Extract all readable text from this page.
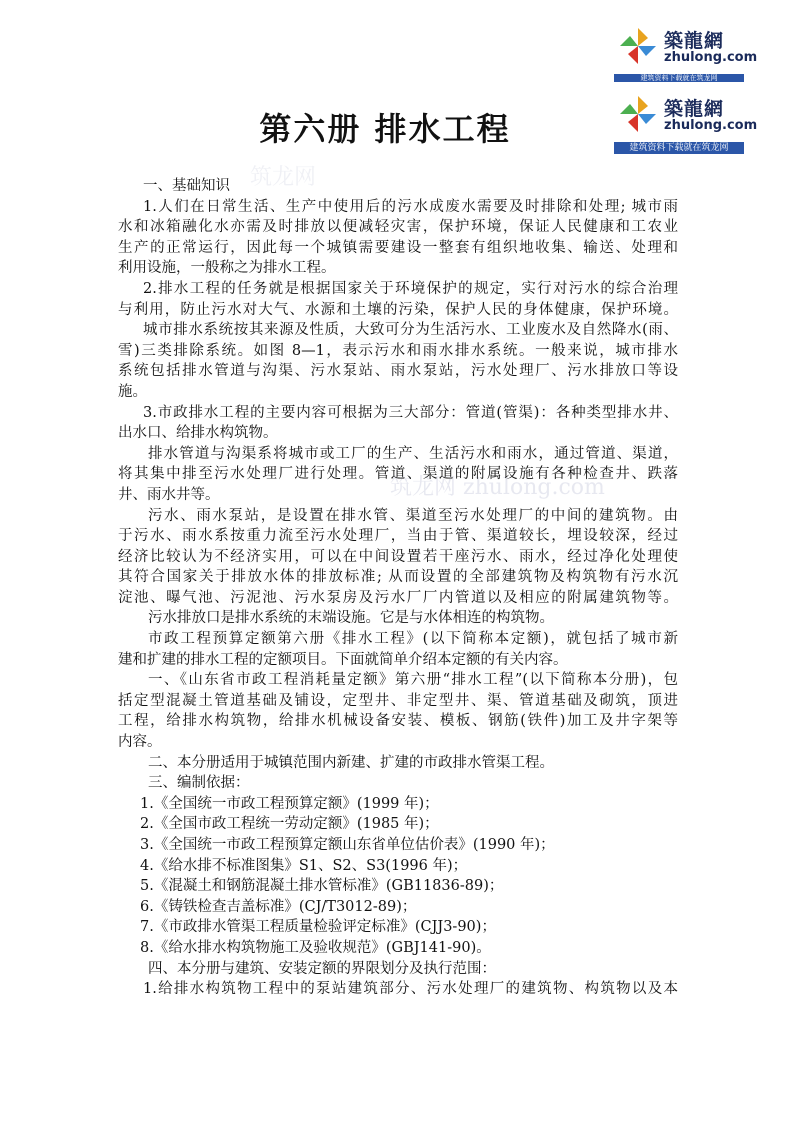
筑龙网
筑龙网 zhulong.com
築龍網
zhulong.com
建筑资料下载就在筑龙网
築龍網
zhulong.com
建筑资料下载就在筑龙网
第六册 排水工程
一、基础知识
1.人们在日常生活、生产中使用后的污水成废水需要及时排除和处理; 城市雨
水和冰箱融化水亦需及时排放以便减轻灾害，保护环境，保证人民健康和工农业
生产的正常运行，因此每一个城镇需要建设一整套有组织地收集、输送、处理和
利用设施，一般称之为排水工程。
2.排水工程的任务就是根据国家关于环境保护的规定，实行对污水的综合治理
与利用，防止污水对大气、水源和土壤的污染，保护人民的身体健康，保护环境。
城市排水系统按其来源及性质，大致可分为生活污水、工业废水及自然降水(雨、
雪)三类排除系统。如图 8—1，表示污水和雨水排水系统。一般来说，城市排水
系统包括排水管道与沟渠、污水泵站、雨水泵站，污水处理厂、污水排放口等设
施。
3.市政排水工程的主要内容可根据为三大部分：管道(管渠)：各种类型排水井、
出水口、给排水构筑物。
排水管道与沟渠系将城市或工厂的生产、生活污水和雨水，通过管道、渠道，
将其集中排至污水处理厂进行处理。管道、渠道的附属设施有各种检查井、跌落
井、雨水井等。
污水、雨水泵站，是设置在排水管、渠道至污水处理厂的中间的建筑物。由
于污水、雨水系按重力流至污水处理厂，当由于管、渠道较长，埋设较深，经过
经济比较认为不经济实用，可以在中间设置若干座污水、雨水，经过净化处理使
其符合国家关于排放水体的排放标准; 从而设置的全部建筑物及构筑物有污水沉
淀池、曝气池、污泥池、污水泵房及污水厂厂内管道以及相应的附属建筑物等。
污水排放口是排水系统的末端设施。它是与水体相连的构筑物。
市政工程预算定额第六册《排水工程》(以下简称本定额)，就包括了城市新
建和扩建的排水工程的定额项目。下面就简单介绍本定额的有关内容。
一、《山东省市政工程消耗量定额》第六册“排水工程”(以下简称本分册)，包
括定型混凝土管道基础及铺设，定型井、非定型井、渠、管道基础及砌筑，顶进
工程，给排水构筑物，给排水机械设备安装、模板、钢筋(铁件)加工及井字架等
内容。
二、本分册适用于城镇范围内新建、扩建的市政排水管渠工程。
三、编制依据：
1.《全国统一市政工程预算定额》(1999 年)；
2.《全国市政工程统一劳动定额》(1985 年)；
3.《全国统一市政工程预算定额山东省单位估价表》(1990 年)；
4.《给水排不标准图集》S1、S2、S3(1996 年)；
5.《混凝土和钢筋混凝土排水管标准》(GB11836-89)；
6.《铸铁检查吉盖标准》(CJ/T3012-89)；
7.《市政排水管渠工程质量检验评定标准》(CJJ3-90)；
8.《给水排水构筑物施工及验收规范》(GBJ141-90)。
四、本分册与建筑、安装定额的界限划分及执行范围：
1.给排水构筑物工程中的泵站建筑部分、污水处理厂的建筑物、构筑物以及本
